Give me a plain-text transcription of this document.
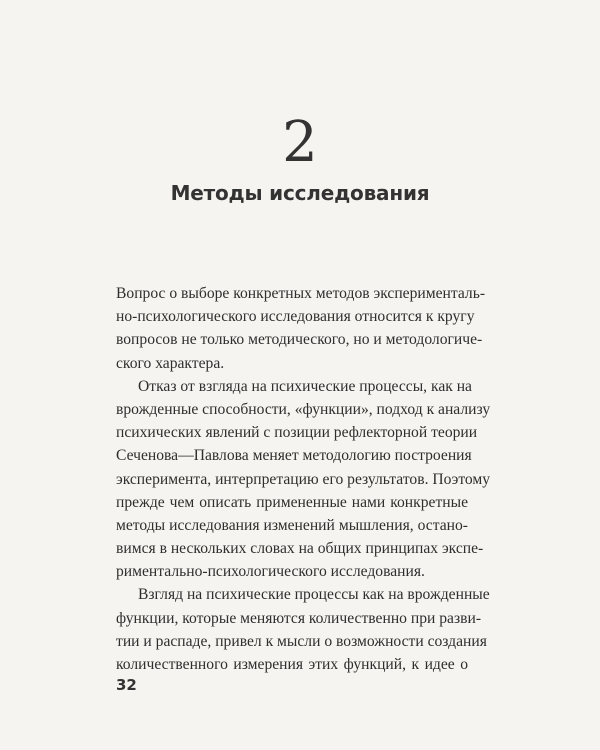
2
Методы исследования
Вопрос о выборе конкретных методов эксперименталь-
но-психологического исследования относится к кругу
вопросов не только методического, но и методологиче-
ского характера.
Отказ от взгляда на психические процессы, как на
врожденные способности, «функции», подход к анализу
психических явлений с позиции рефлекторной теории
Сеченова—Павлова меняет методологию построения
эксперимента, интерпретацию его результатов. Поэтому
прежде чем описать примененные нами конкретные
методы исследования изменений мышления, остано-
вимся в нескольких словах на общих принципах экспе-
риментально-психологического исследования.
Взгляд на психические процессы как на врожденные
функции, которые меняются количественно при разви-
тии и распаде, привел к мысли о возможности создания
количественного измерения этих функций, к идее о
32
